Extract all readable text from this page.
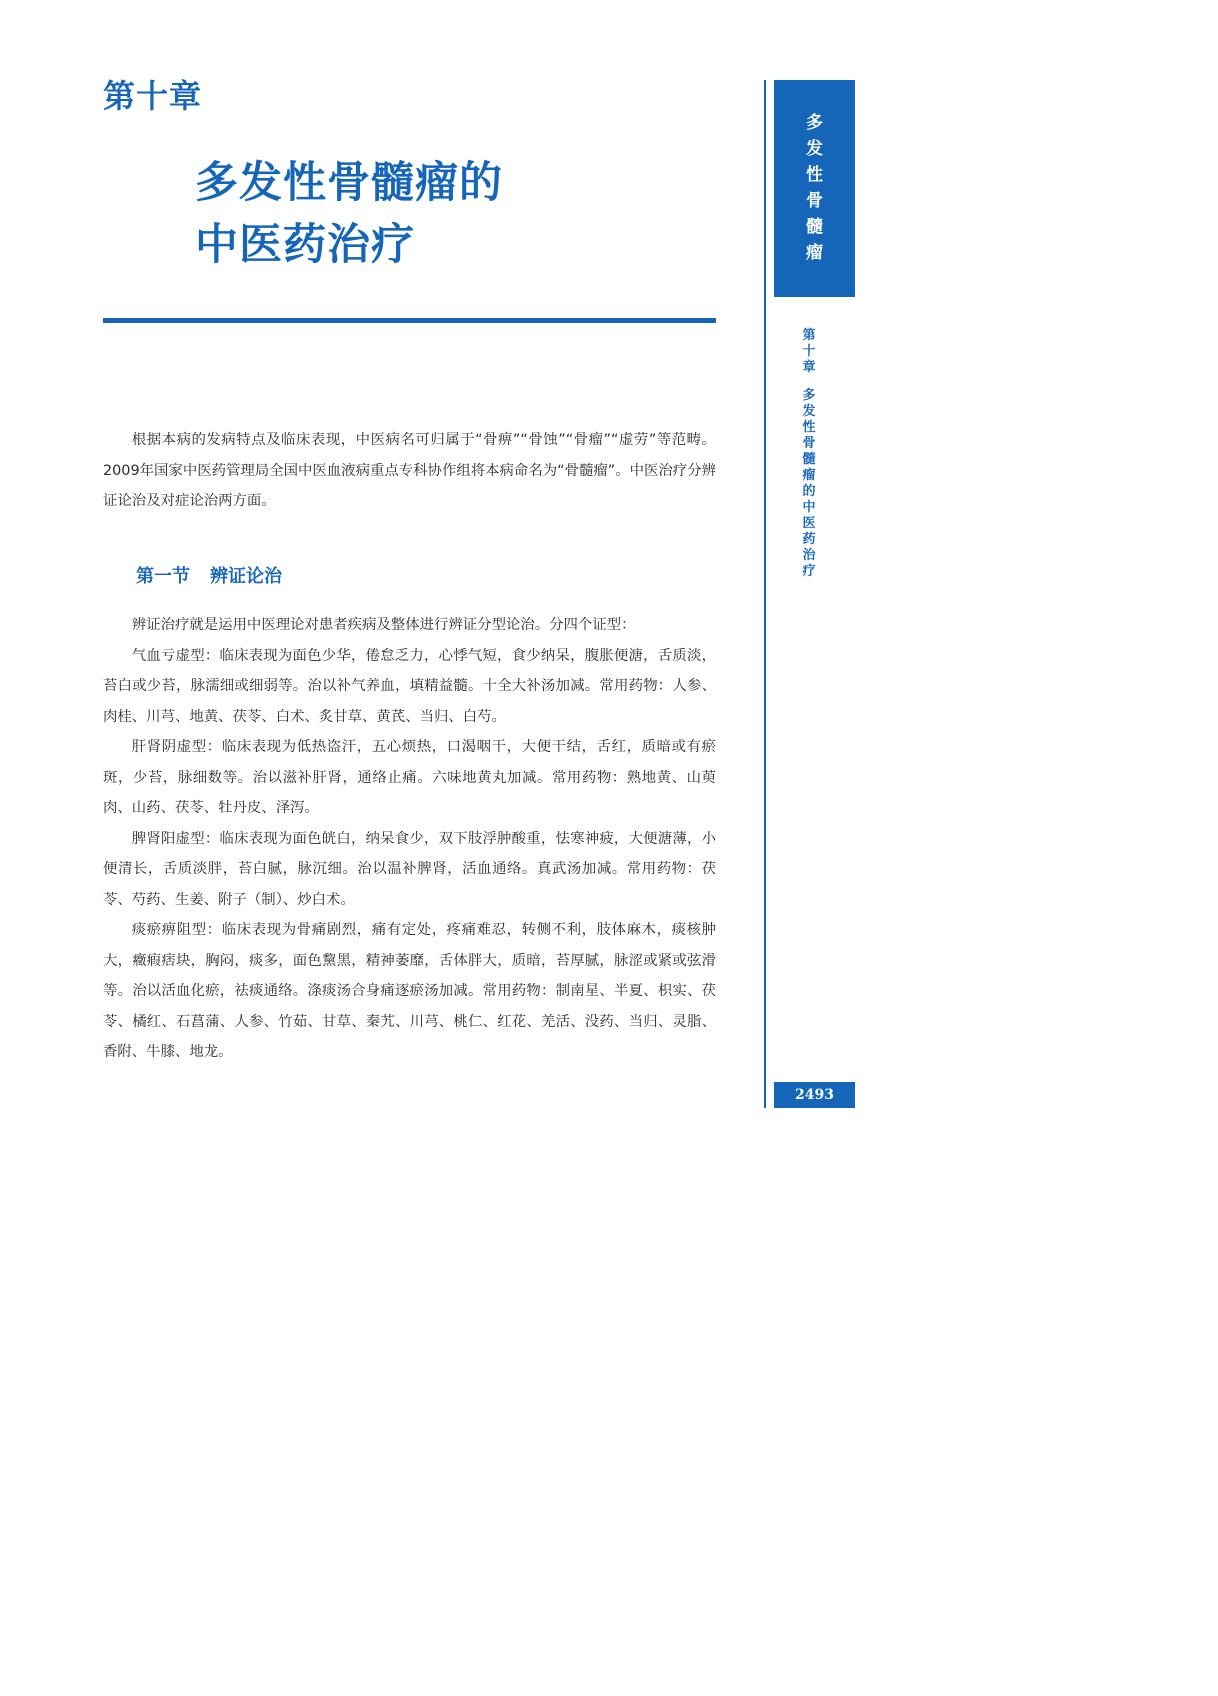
第十章
多发性骨髓瘤的
中医药治疗

根据本病的发病特点及临床表现，中医病名可归属于“骨痹”“骨蚀”“骨瘤”“虚劳”等范畴。2009年国家中医药管理局全国中医血液病重点专科协作组将本病命名为“骨髓瘤”。中医治疗分辨证论治及对症论治两方面。

第一节 辨证论治

辨证治疗就是运用中医理论对患者疾病及整体进行辨证分型论治。分四个证型：

气血亏虚型：临床表现为面色少华，倦怠乏力，心悸气短，食少纳呆，腹胀便溏，舌质淡，苔白或少苔，脉濡细或细弱等。治以补气养血，填精益髓。十全大补汤加减。常用药物：人参、肉桂、川芎、地黄、茯苓、白术、炙甘草、黄芪、当归、白芍。

肝肾阴虚型：临床表现为低热盗汗，五心烦热，口渴咽干，大便干结，舌红，质暗或有瘀斑，少苔，脉细数等。治以滋补肝肾，通络止痛。六味地黄丸加减。常用药物：熟地黄、山萸肉、山药、茯苓、牡丹皮、泽泻。

脾肾阳虚型：临床表现为面色㿠白，纳呆食少，双下肢浮肿酸重，怯寒神疲，大便溏薄，小便清长，舌质淡胖，苔白腻，脉沉细。治以温补脾肾，活血通络。真武汤加减。常用药物：茯苓、芍药、生姜、附子（制）、炒白术。

痰瘀痹阻型：临床表现为骨痛剧烈，痛有定处，疼痛难忍，转侧不利，肢体麻木，痰核肿大，癥瘕痞块，胸闷，痰多，面色黧黑，精神萎靡，舌体胖大，质暗，苔厚腻，脉涩或紧或弦滑等。治以活血化瘀，祛痰通络。涤痰汤合身痛逐瘀汤加减。常用药物：制南星、半夏、枳实、茯苓、橘红、石菖蒲、人参、竹茹、甘草、秦艽、川芎、桃仁、红花、羌活、没药、当归、灵脂、香附、牛膝、地龙。

多
发
性
骨
髓
瘤
第
十
章
多
发
性
骨
髓
瘤
的
中
医
药
治
疗
2493
